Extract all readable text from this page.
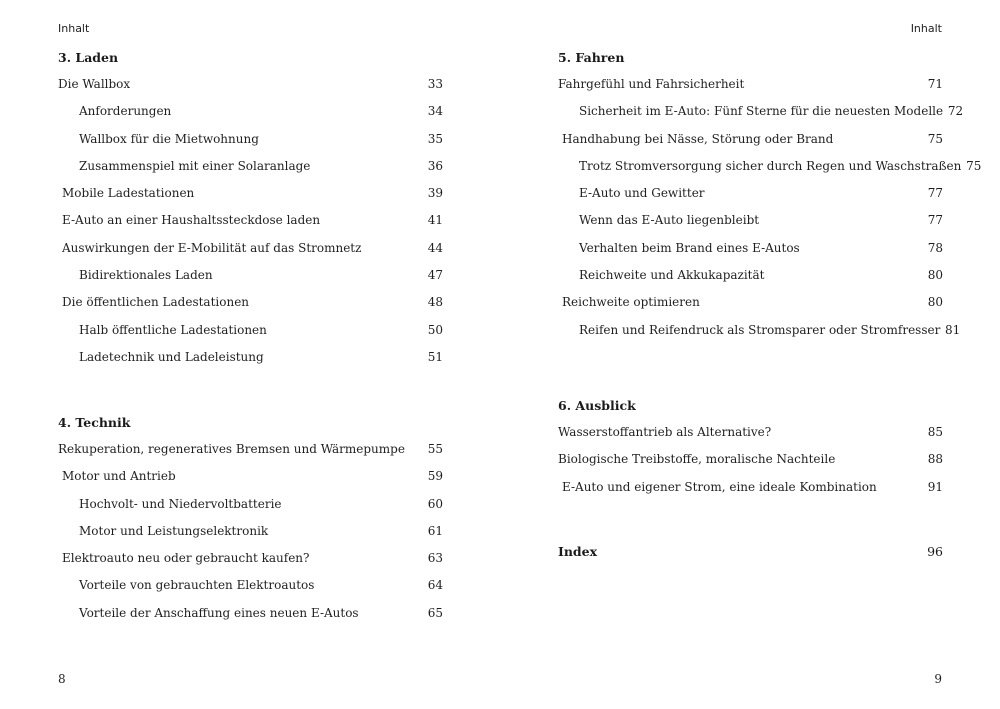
Inhalt
3. Laden
Die Wallbox	33
Anforderungen	34
Wallbox für die Mietwohnung	35
Zusammenspiel mit einer Solaranlage	36
Mobile Ladestationen	39
E-Auto an einer Haushaltssteckdose laden	41
Auswirkungen der E-Mobilität auf das Stromnetz	44
Bidirektionales Laden	47
Die öffentlichen Ladestationen	48
Halb öffentliche Ladestationen	50
Ladetechnik und Ladeleistung	51
4. Technik
Rekuperation, regeneratives Bremsen und Wärmepumpe	55
Motor und Antrieb	59
Hochvolt- und Niedervoltbatterie	60
Motor und Leistungselektronik	61
Elektroauto neu oder gebraucht kaufen?	63
Vorteile von gebrauchten Elektroautos	64
Vorteile der Anschaffung eines neuen E-Autos	65
8
Inhalt
5. Fahren
Fahrgefühl und Fahrsicherheit	71
Sicherheit im E-Auto: Fünf Sterne für die neuesten Modelle 72
Handhabung bei Nässe, Störung oder Brand	75
Trotz Stromversorgung sicher durch Regen und Waschstraßen 75
E-Auto und Gewitter	77
Wenn das E-Auto liegenbleibt	77
Verhalten beim Brand eines E-Autos	78
Reichweite und Akkukapazität	80
Reichweite optimieren	80
Reifen und Reifendruck als Stromsparer oder Stromfresser 81
6. Ausblick
Wasserstoffantrieb als Alternative?	85
Biologische Treibstoffe, moralische Nachteile	88
E-Auto und eigener Strom, eine ideale Kombination	91
Index	96
9
